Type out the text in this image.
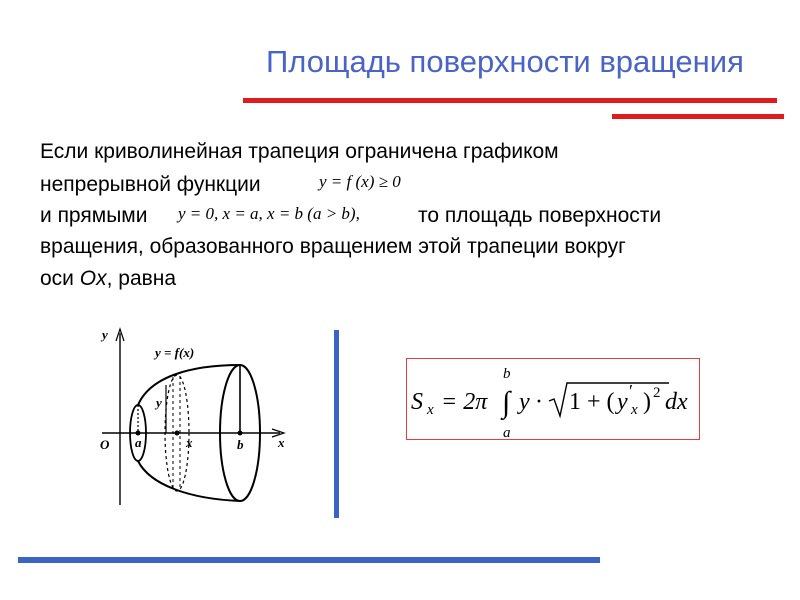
Площадь поверхности вращения
Если криволинейная трапеция ограничена графиком
непрерывной функции	y = f (x) ≥ 0
и прямыми y = 0, x = a, x = b (a > b),	то площадь поверхности
вращения, образованного вращением этой трапеции вокруг
оси Ox, равна
y
x
O
y = f(x)
y
a	x	b
S x = 2π
b
∫
a
y · 1 + ( y ′
x ) 2 dx
